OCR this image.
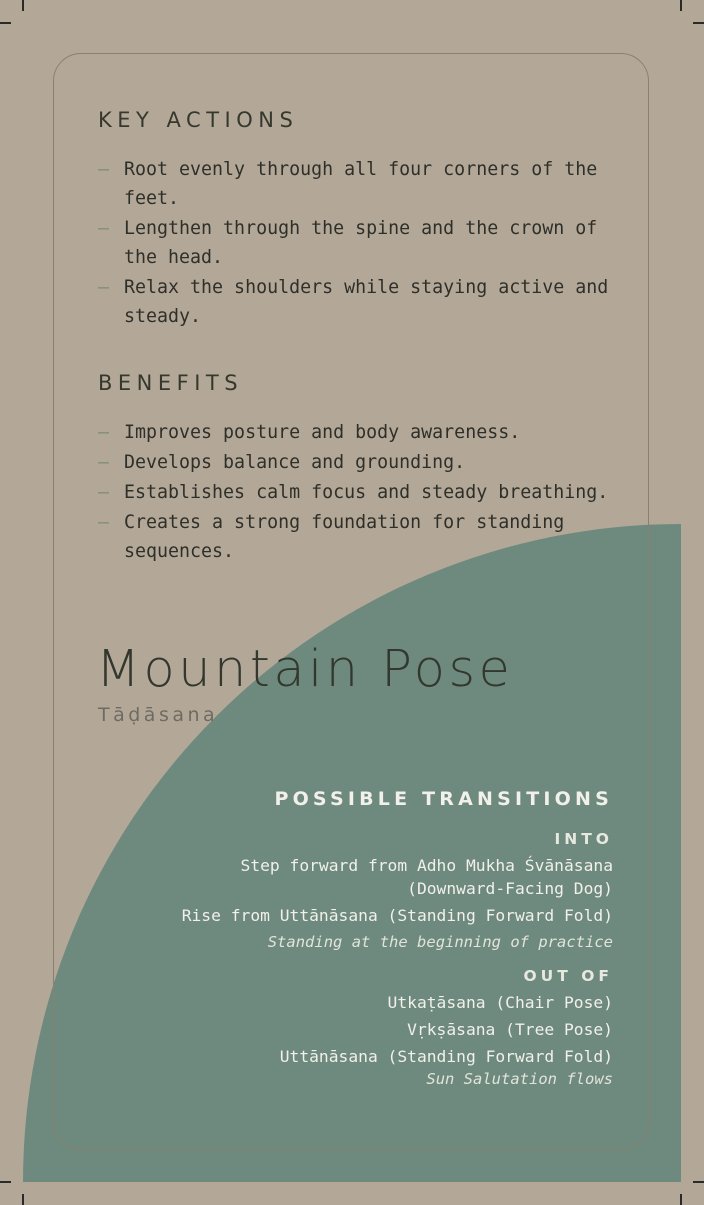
KEY ACTIONS
— Root evenly through all four corners of the feet.
— Lengthen through the spine and the crown of the head.
— Relax the shoulders while staying active and steady.
BENEFITS
— Improves posture and body awareness.
— Develops balance and grounding.
— Establishes calm focus and steady breathing.
— Creates a strong foundation for standing sequences.
Mountain Pose

Tāḍāsana

POSSIBLE TRANSITIONS
INTO
Step forward from Adho Mukha Śvānāsana (Downward-Facing Dog)
Rise from Uttānāsana (Standing Forward Fold)

Standing at the beginning of practice

OUT OF
Utkaṭāsana (Chair Pose)
Vṛkṣāsana (Tree Pose)
Uttānāsana (Standing Forward Fold)

Sun Salutation flows
